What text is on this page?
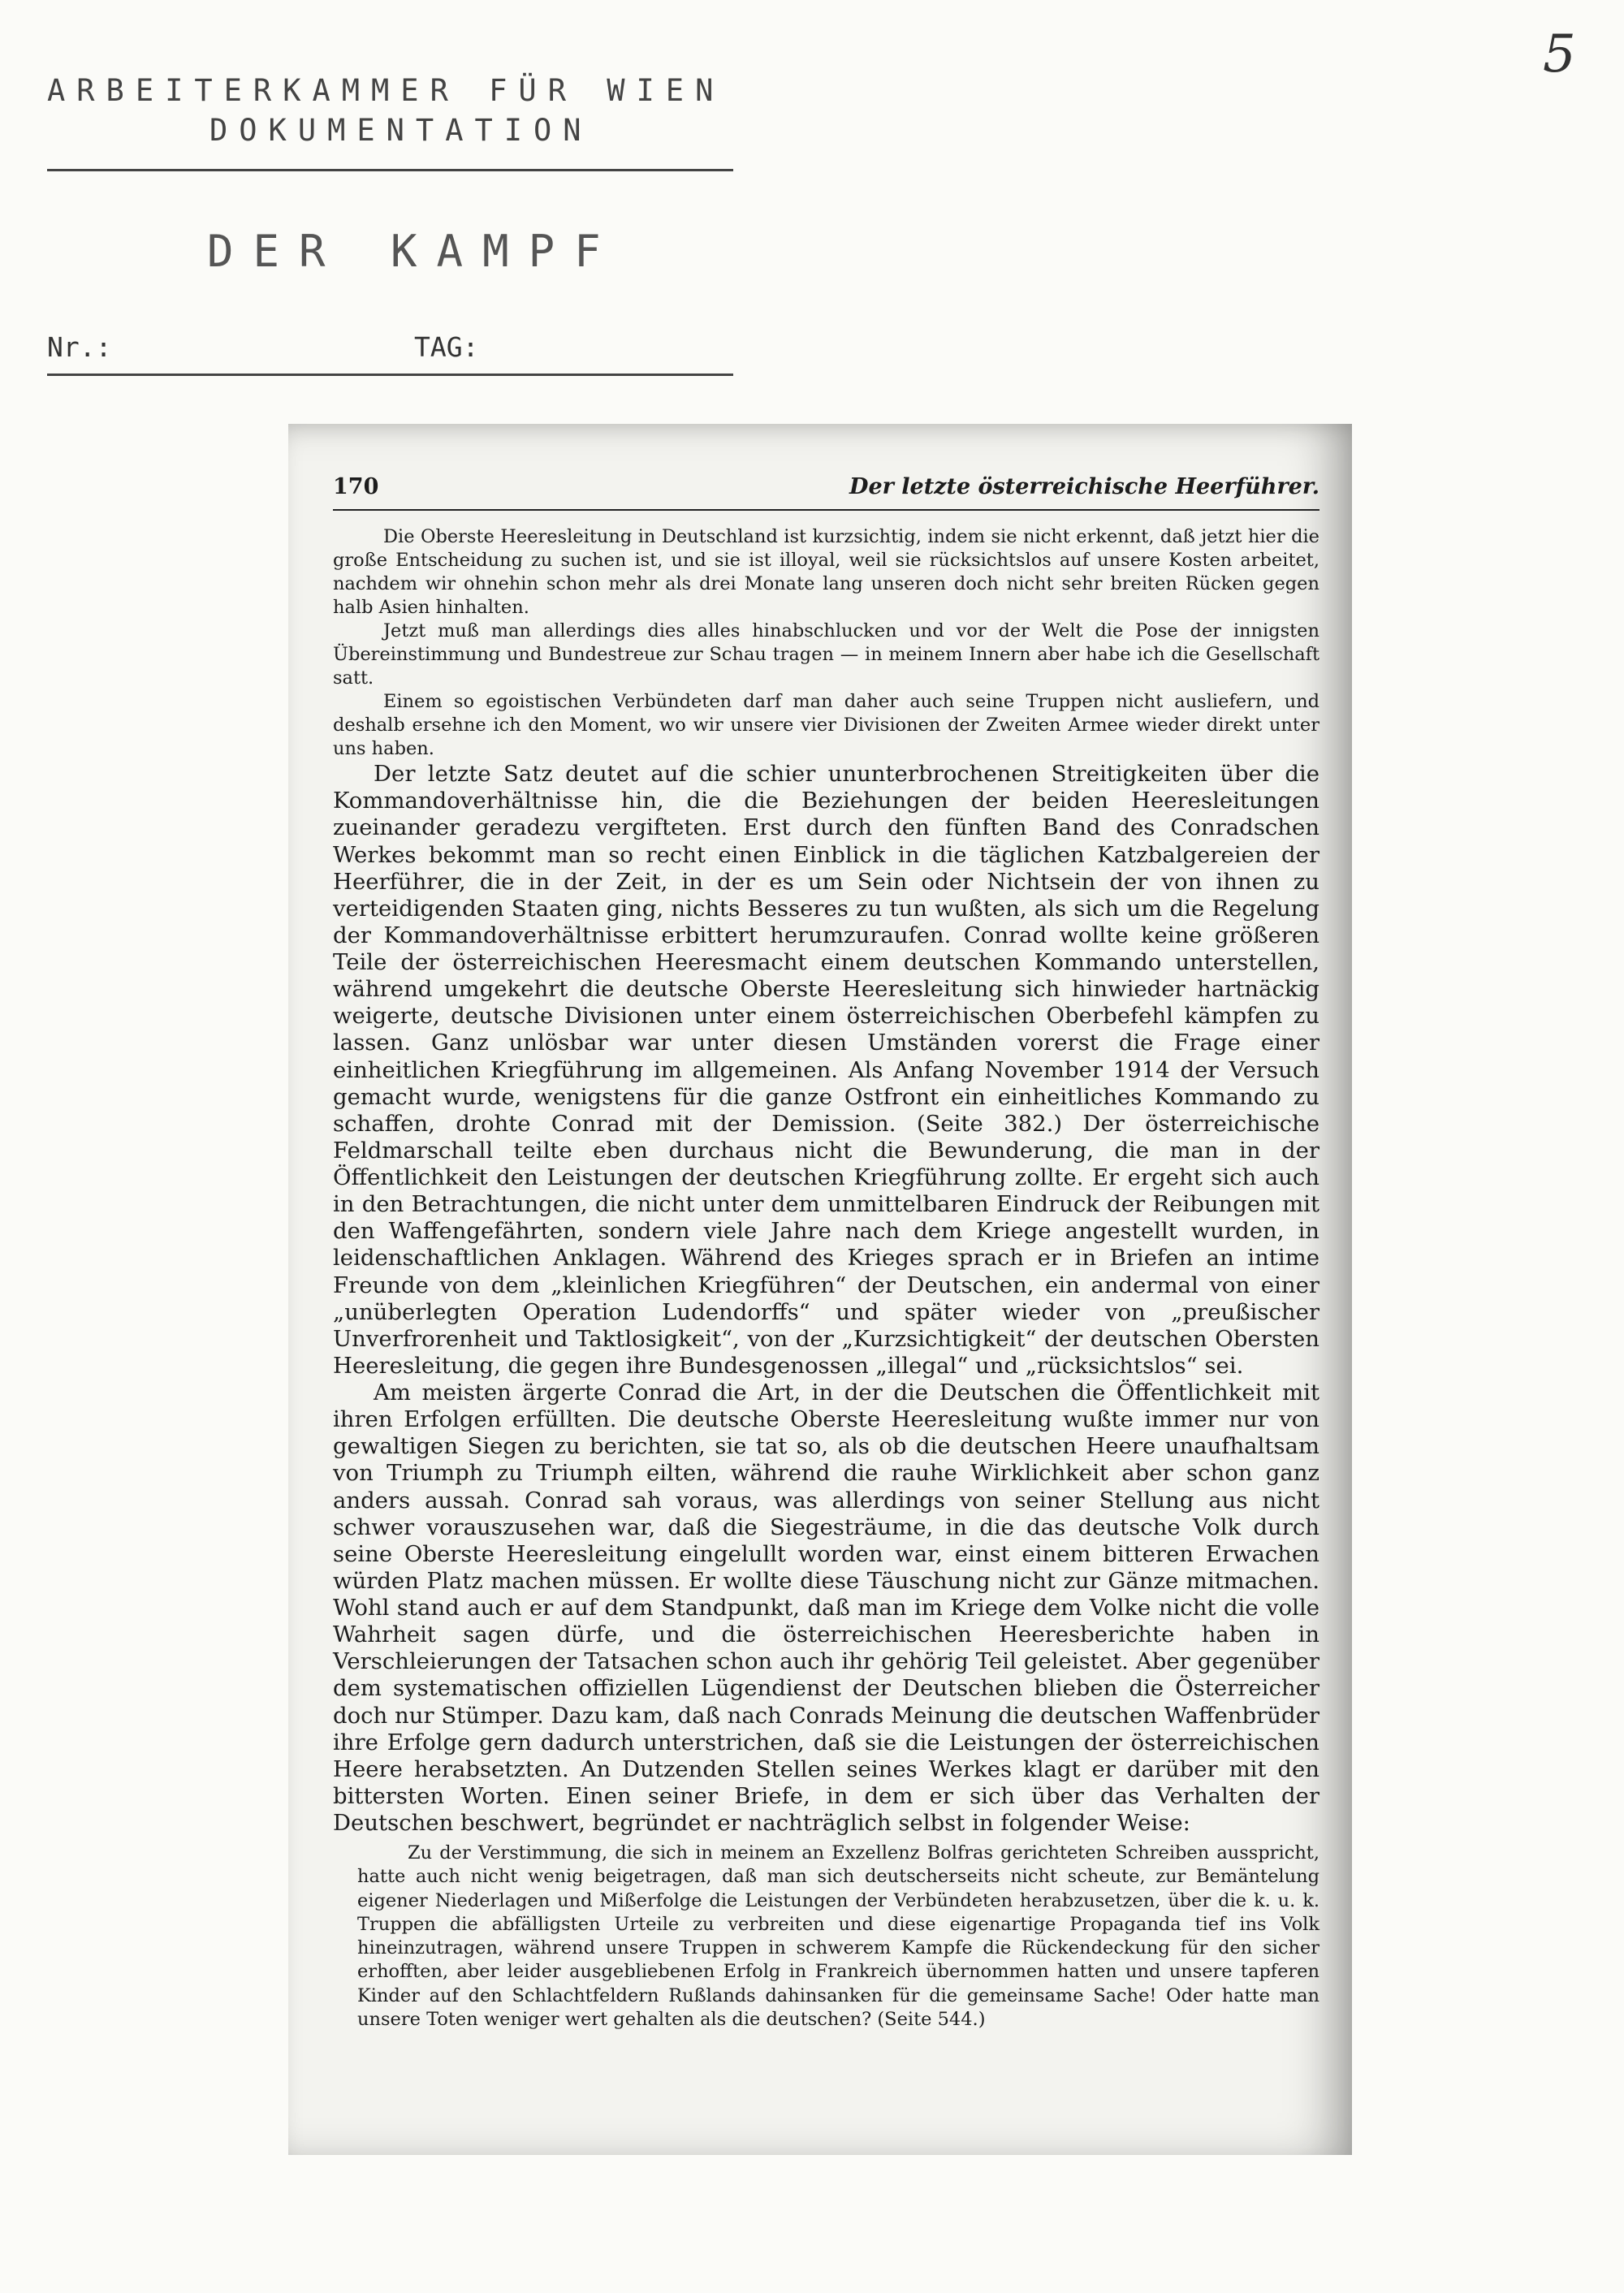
5
ARBEITERKAMMER FÜR WIEN
DOKUMENTATION
DER KAMPF
Nr.:	TAG:
170	Der letzte österreichische Heerführer.

Die Oberste Heeresleitung in Deutschland ist kurzsichtig, indem sie nicht erkennt, daß jetzt hier die große Entscheidung zu suchen ist, und sie ist illoyal, weil sie rücksichtslos auf unsere Kosten arbeitet, nachdem wir ohnehin schon mehr als drei Monate lang unseren doch nicht sehr breiten Rücken gegen halb Asien hinhalten.

Jetzt muß man allerdings dies alles hinabschlucken und vor der Welt die Pose der innigsten Übereinstimmung und Bundestreue zur Schau tragen — in meinem Innern aber habe ich die Gesellschaft satt.

Einem so egoistischen Verbündeten darf man daher auch seine Truppen nicht ausliefern, und deshalb ersehne ich den Moment, wo wir unsere vier Divisionen der Zweiten Armee wieder direkt unter uns haben.

Der letzte Satz deutet auf die schier ununterbrochenen Streitigkeiten über die Kommandoverhältnisse hin, die die Beziehungen der beiden Heeresleitungen zueinander geradezu vergifteten. Erst durch den fünften Band des Conradschen Werkes bekommt man so recht einen Einblick in die täglichen Katzbalgereien der Heerführer, die in der Zeit, in der es um Sein oder Nichtsein der von ihnen zu verteidigenden Staaten ging, nichts Besseres zu tun wußten, als sich um die Regelung der Kommandoverhältnisse erbittert herumzuraufen. Conrad wollte keine größeren Teile der österreichischen Heeresmacht einem deutschen Kommando unterstellen, während umgekehrt die deutsche Oberste Heeresleitung sich hinwieder hartnäckig weigerte, deutsche Divisionen unter einem österreichischen Oberbefehl kämpfen zu lassen. Ganz unlösbar war unter diesen Umständen vorerst die Frage einer einheitlichen Kriegführung im allgemeinen. Als Anfang November 1914 der Versuch gemacht wurde, wenigstens für die ganze Ostfront ein einheitliches Kommando zu schaffen, drohte Conrad mit der Demission. (Seite 382.) Der österreichische Feldmarschall teilte eben durchaus nicht die Bewunderung, die man in der Öffentlichkeit den Leistungen der deutschen Kriegführung zollte. Er ergeht sich auch in den Betrachtungen, die nicht unter dem unmittelbaren Eindruck der Reibungen mit den Waffengefährten, sondern viele Jahre nach dem Kriege angestellt wurden, in leidenschaftlichen Anklagen. Während des Krieges sprach er in Briefen an intime Freunde von dem „kleinlichen Kriegführen“ der Deutschen, ein andermal von einer „unüberlegten Operation Ludendorffs“ und später wieder von „preußischer Unverfrorenheit und Taktlosigkeit“, von der „Kurzsichtigkeit“ der deutschen Obersten Heeresleitung, die gegen ihre Bundesgenossen „illegal“ und „rücksichtslos“ sei.

Am meisten ärgerte Conrad die Art, in der die Deutschen die Öffentlichkeit mit ihren Erfolgen erfüllten. Die deutsche Oberste Heeresleitung wußte immer nur von gewaltigen Siegen zu berichten, sie tat so, als ob die deutschen Heere unaufhaltsam von Triumph zu Triumph eilten, während die rauhe Wirklichkeit aber schon ganz anders aussah. Conrad sah voraus, was allerdings von seiner Stellung aus nicht schwer vorauszusehen war, daß die Siegesträume, in die das deutsche Volk durch seine Oberste Heeresleitung eingelullt worden war, einst einem bitteren Erwachen würden Platz machen müssen. Er wollte diese Täuschung nicht zur Gänze mitmachen. Wohl stand auch er auf dem Standpunkt, daß man im Kriege dem Volke nicht die volle Wahrheit sagen dürfe, und die österreichischen Heeresberichte haben in Verschleierungen der Tatsachen schon auch ihr gehörig Teil geleistet. Aber gegenüber dem systematischen offiziellen Lügendienst der Deutschen blieben die Österreicher doch nur Stümper. Dazu kam, daß nach Conrads Meinung die deutschen Waffenbrüder ihre Erfolge gern dadurch unterstrichen, daß sie die Leistungen der österreichischen Heere herabsetzten. An Dutzenden Stellen seines Werkes klagt er darüber mit den bittersten Worten. Einen seiner Briefe, in dem er sich über das Verhalten der Deutschen beschwert, begründet er nachträglich selbst in folgender Weise:

Zu der Verstimmung, die sich in meinem an Exzellenz Bolfras gerichteten Schreiben ausspricht, hatte auch nicht wenig beigetragen, daß man sich deutscherseits nicht scheute, zur Bemäntelung eigener Niederlagen und Mißerfolge die Leistungen der Verbündeten herabzusetzen, über die k. u. k. Truppen die abfälligsten Urteile zu verbreiten und diese eigenartige Propaganda tief ins Volk hineinzutragen, während unsere Truppen in schwerem Kampfe die Rückendeckung für den sicher erhofften, aber leider ausgebliebenen Erfolg in Frankreich übernommen hatten und unsere tapferen Kinder auf den Schlachtfeldern Rußlands dahinsanken für die gemeinsame Sache! Oder hatte man unsere Toten weniger wert gehalten als die deutschen? (Seite 544.)
